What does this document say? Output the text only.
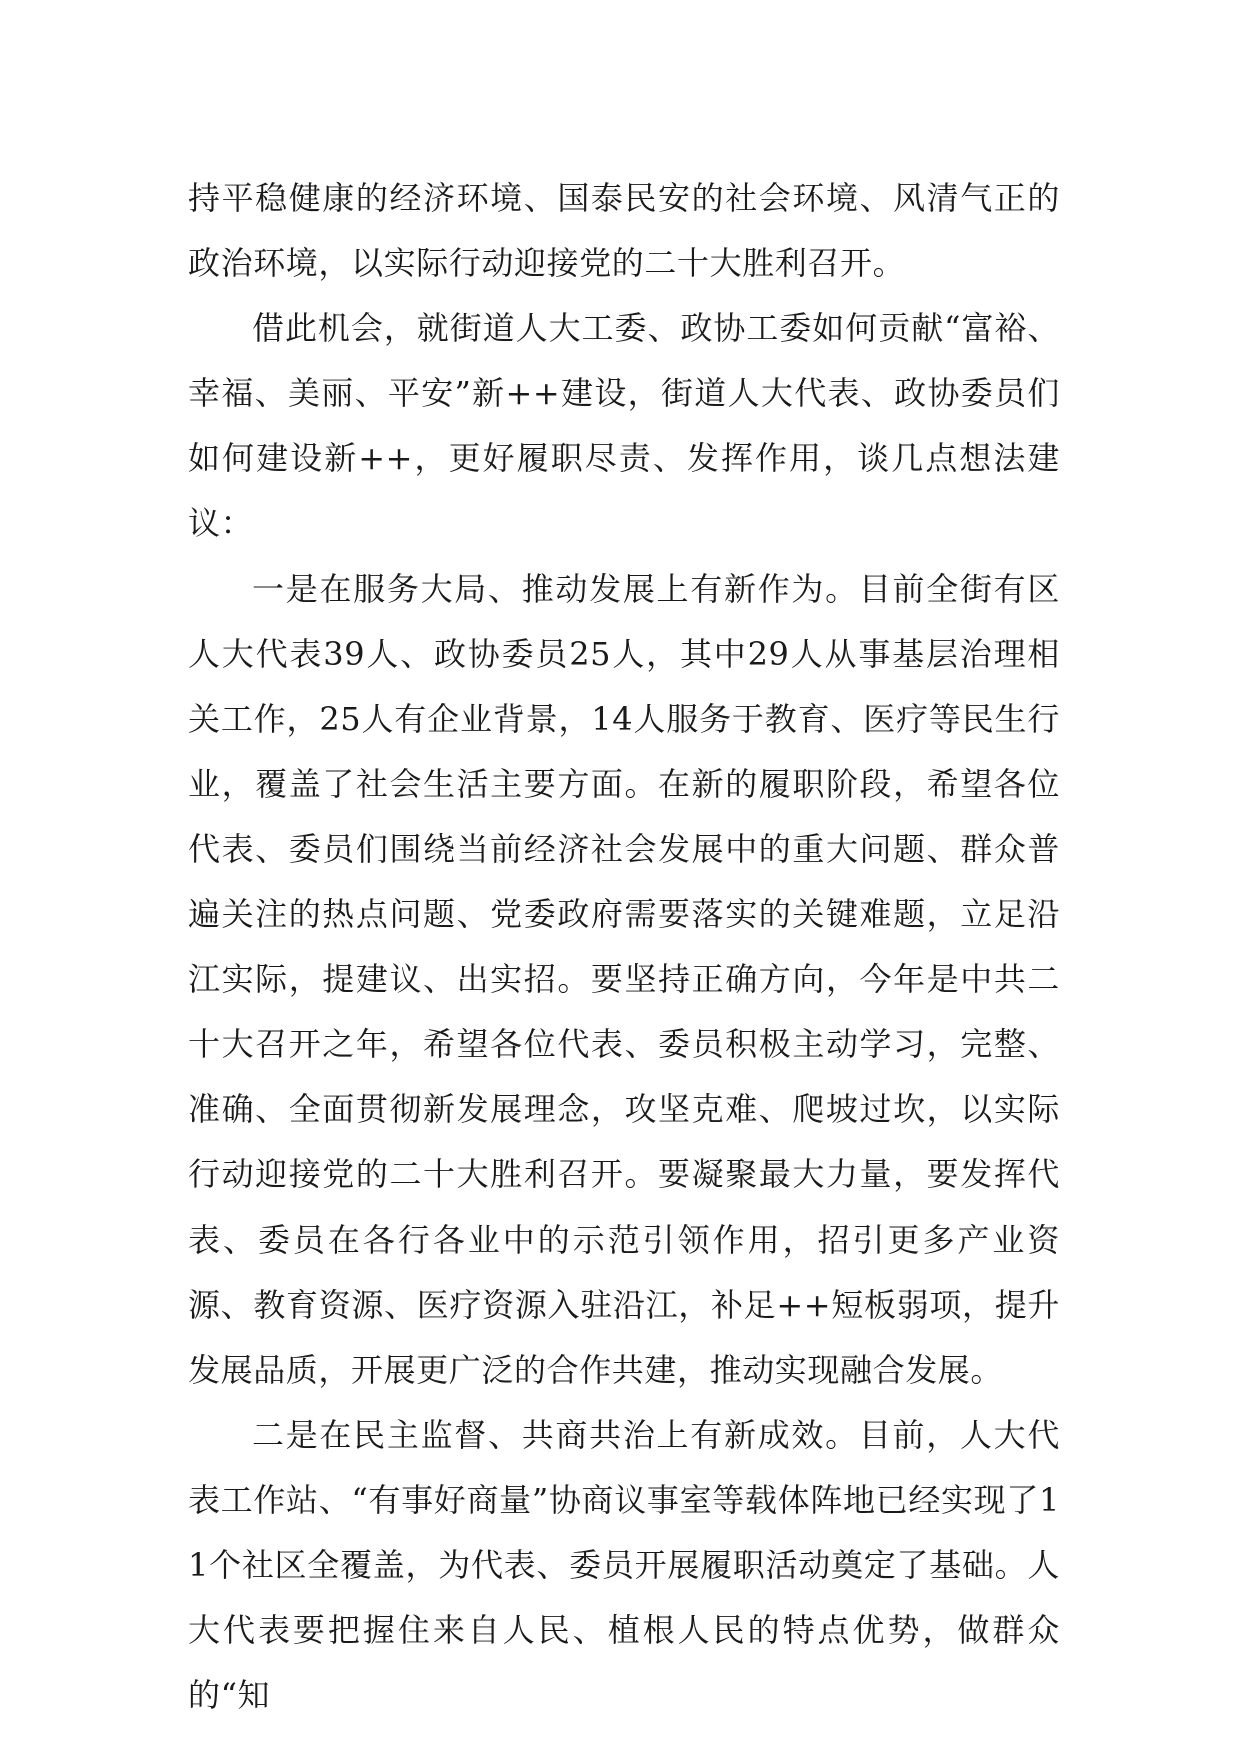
持平稳健康的经济环境、国泰民安的社会环境、风清气正的政治环境，以实际行动迎接党的二十大胜利召开。

借此机会，就街道人大工委、政协工委如何贡献“富裕、幸福、美丽、平安”新++建设，街道人大代表、政协委员们如何建设新++，更好履职尽责、发挥作用，谈几点想法建议：

一是在服务大局、推动发展上有新作为。目前全街有区人大代表39人、政协委员25人，其中29人从事基层治理相关工作，25人有企业背景，14人服务于教育、医疗等民生行业，覆盖了社会生活主要方面。在新的履职阶段，希望各位代表、委员们围绕当前经济社会发展中的重大问题、群众普遍关注的热点问题、党委政府需要落实的关键难题，立足沿江实际，提建议、出实招。要坚持正确方向，今年是中共二十大召开之年，希望各位代表、委员积极主动学习，完整、准确、全面贯彻新发展理念，攻坚克难、爬坡过坎，以实际行动迎接党的二十大胜利召开。要凝聚最大力量，要发挥代表、委员在各行各业中的示范引领作用，招引更多产业资源、教育资源、医疗资源入驻沿江，补足++短板弱项，提升发展品质，开展更广泛的合作共建，推动实现融合发展。

二是在民主监督、共商共治上有新成效。目前，人大代表工作站、“有事好商量”协商议事室等载体阵地已经实现了11个社区全覆盖，为代表、委员开展履职活动奠定了基础。人大代表要把握住来自人民、植根人民的特点优势，做群众的“知
